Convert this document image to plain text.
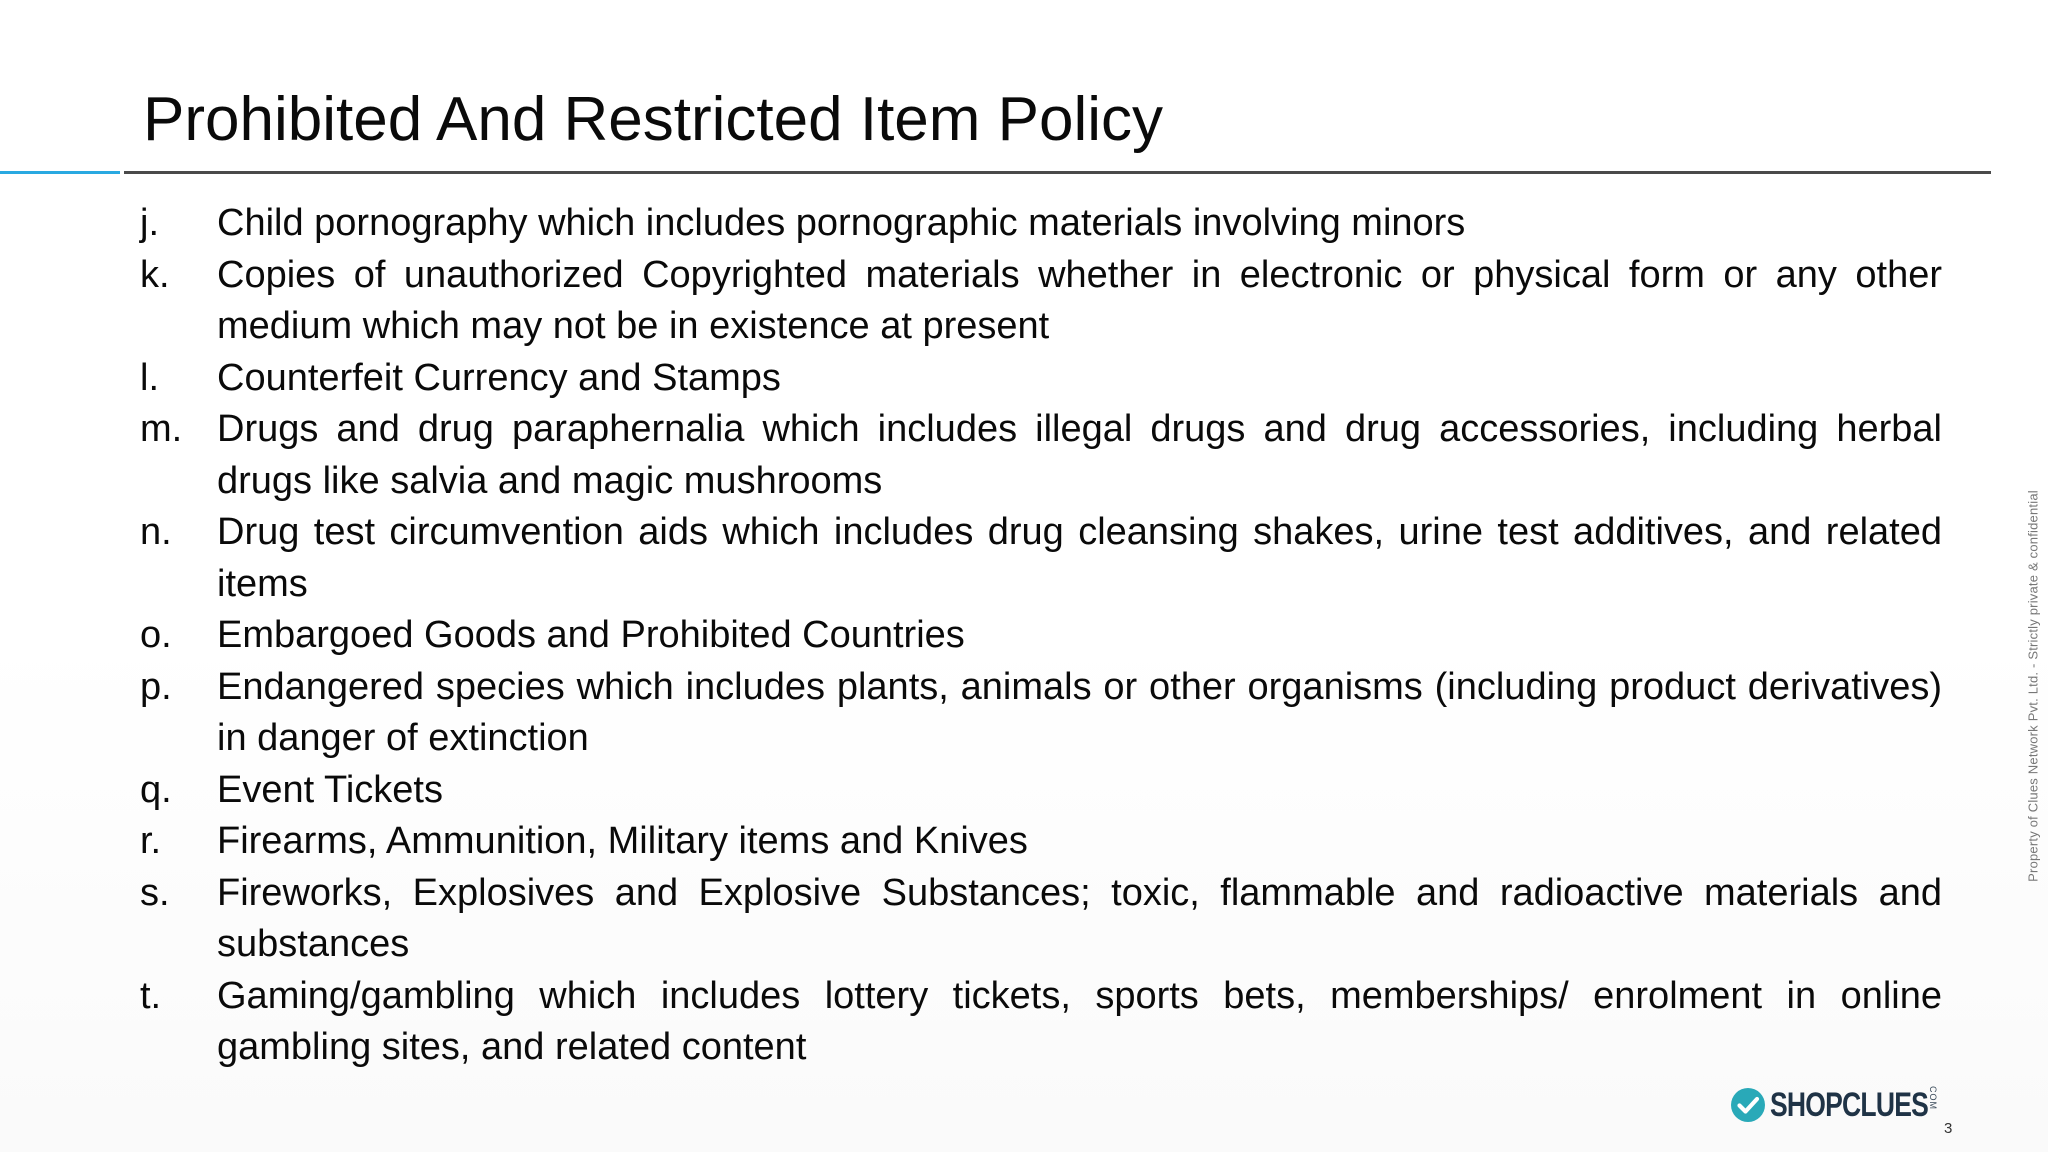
Prohibited And Restricted Item Policy
j.	Child pornography which includes pornographic materials involving minors
k.	Copies of unauthorized Copyrighted materials whether in electronic or physical form or any other medium which may not be in existence at present
l.	Counterfeit Currency and Stamps
m. Drugs and drug paraphernalia which includes illegal drugs and drug accessories, including herbal drugs like salvia and magic mushrooms
n.	Drug test circumvention aids which includes drug cleansing shakes, urine test additives, and related items
o.	Embargoed Goods and Prohibited Countries
p.	Endangered species which includes plants, animals or other organisms (including product derivatives) in danger of extinction
q.	Event Tickets
r.	Firearms, Ammunition, Military items and Knives
s.	Fireworks, Explosives and Explosive Substances; toxic, flammable and radioactive materials and substances
t.	Gaming/gambling which includes lottery tickets, sports bets, memberships/ enrolment in online gambling sites, and related content
Property of Clues Network Pvt. Ltd. - Strictly private & confidential
SHOPCLUES COM
3
